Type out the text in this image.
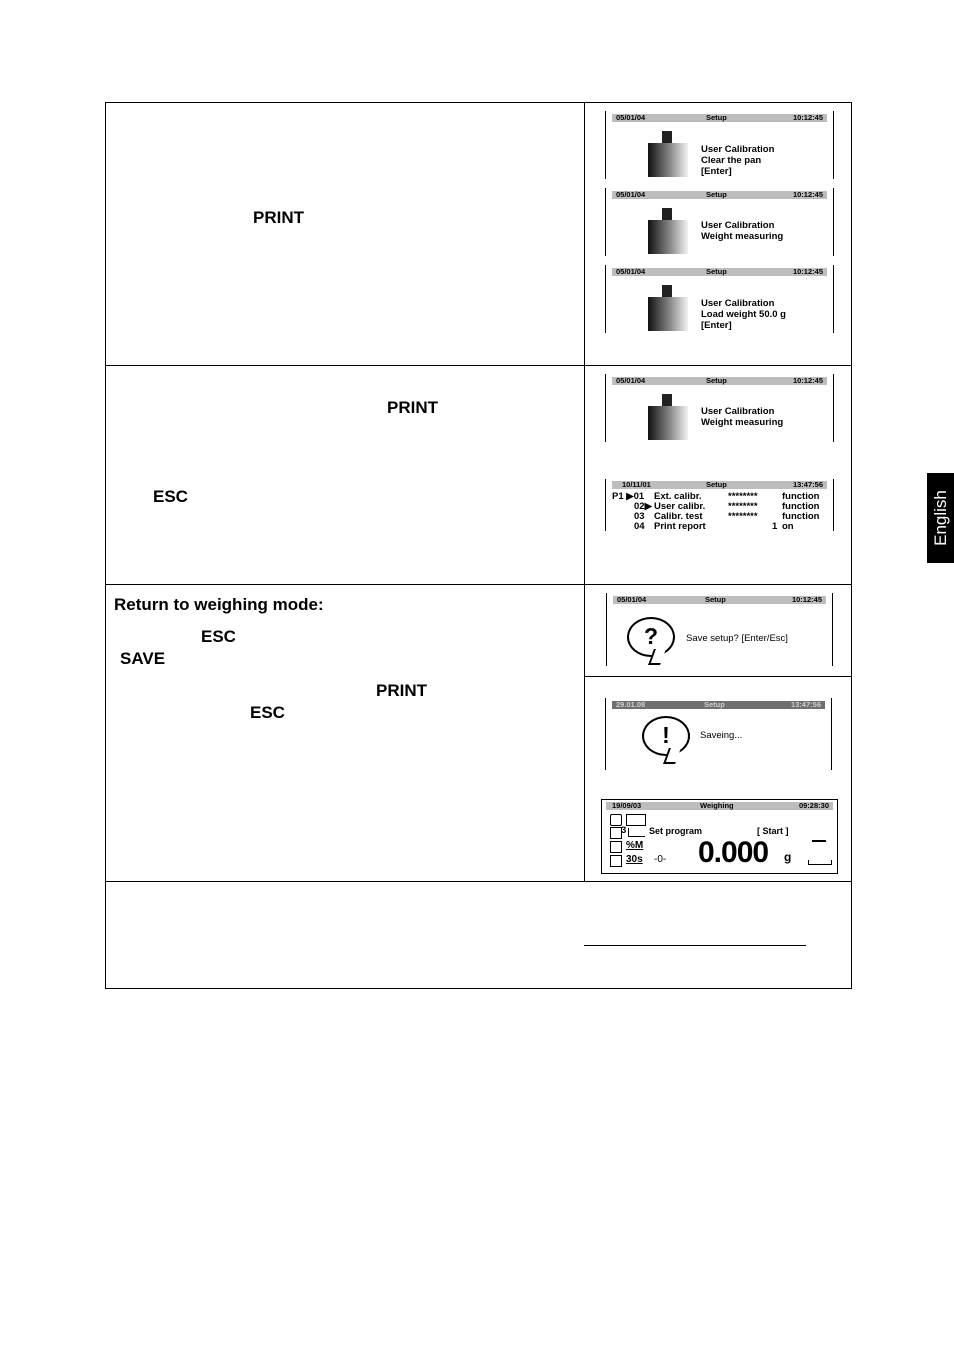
English
PRINT
05/01/04	Setup	10:12:45
User Calibration
Clear the pan
[Enter]
05/01/04	Setup	10:12:45
User Calibration
Weight measuring
05/01/04	Setup	10:12:45
User Calibration
Load weight 50.0 g
[Enter]
PRINT
ESC
05/01/04	Setup	10:12:45
User Calibration
Weight measuring
10/11/01	Setup	13:47:56
P1 ▶01 Ext. calibr.	********	function
02▶ User calibr. ********	function
03 Calibr. test	********	function
04 Print report	1 on
Return to weighing mode:
ESC
SAVE
PRINT
ESC
05/01/04	Setup	10:12:45
?	Save setup? [Enter/Esc]
29.01.08	Setup	13:47:56
!	Saveing...
19/09/03	Weighing	09:28:30
3	Set program	[ Start ]
%M
30s -0- 0.000 g
